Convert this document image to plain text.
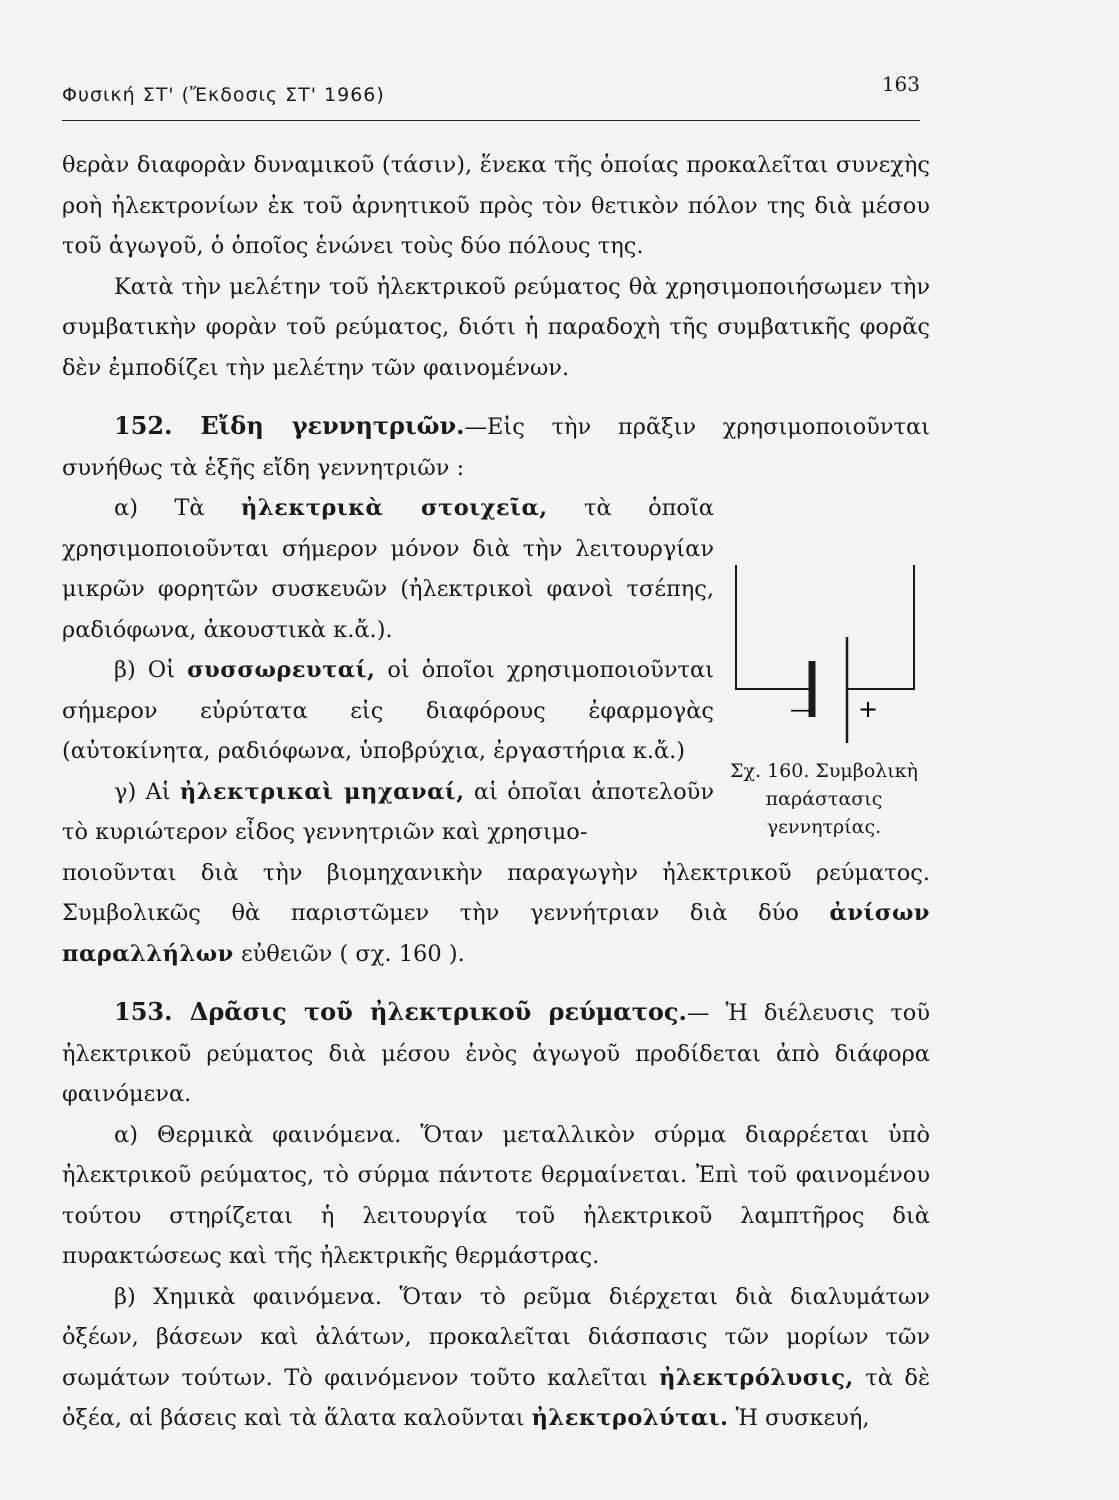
Φυσική ΣΤ' (Ἔκδοσις ΣΤ' 1966)	163

θερὰν διαφορὰν δυναμικοῦ (τάσιν), ἕνεκα τῆς ὁποίας προκαλεῖται συνεχὴς ροὴ ἠλεκτρονίων ἐκ τοῦ ἀρνητικοῦ πρὸς τὸν θετικὸν πόλον της διὰ μέσου τοῦ ἀγωγοῦ, ὁ ὁποῖος ἑνώνει τοὺς δύο πόλους της.

Κατὰ τὴν μελέτην τοῦ ἠλεκτρικοῦ ρεύματος θὰ χρησιμοποιήσωμεν τὴν συμβατικὴν φορὰν τοῦ ρεύματος, διότι ἡ παραδοχὴ τῆς συμβατικῆς φορᾶς δὲν ἐμποδίζει τὴν μελέτην τῶν φαινομένων.

152. Εἴδη γεννητριῶν.—Εἰς τὴν πρᾶξιν χρησιμοποιοῦνται συνήθως τὰ ἑξῆς εἴδη γεννητριῶν :

α) Τὰ ἠλεκτρικὰ στοιχεῖα, τὰ ὁποῖα χρησιμοποιοῦνται σήμερον μόνον διὰ τὴν λειτουργίαν μικρῶν φορητῶν συσκευῶν (ἠλεκτρικοὶ φανοὶ τσέπης, ραδιόφωνα, ἀκουστικὰ κ.ἄ.).

β) Οἱ συσσωρευταί, οἱ ὁποῖοι χρησιμοποιοῦνται σήμερον εὐρύτατα εἰς διαφόρους ἐφαρμογὰς (αὐτοκίνητα, ραδιόφωνα, ὑποβρύχια, ἐργαστήρια κ.ἄ.)

γ) Αἱ ἠλεκτρικαὶ μηχαναί, αἱ ὁποῖαι ἀποτελοῦν τὸ κυριώτερον εἶδος γεννητριῶν καὶ χρησιμο-

ποιοῦνται διὰ τὴν βιομηχανικὴν παραγωγὴν ἠλεκτρικοῦ ρεύματος. Συμβολικῶς θὰ παριστῶμεν τὴν γεννήτριαν διὰ δύο ἀνίσων παραλλήλων εὐθειῶν ( σχ. 160 ).

153. Δρᾶσις τοῦ ἠλεκτρικοῦ ρεύματος.— Ἡ διέλευσις τοῦ ἠλεκτρικοῦ ρεύματος διὰ μέσου ἑνὸς ἀγωγοῦ προδίδεται ἀπὸ διάφορα φαινόμενα.

α) Θερμικὰ φαινόμενα. Ὅταν μεταλλικὸν σύρμα διαρρέεται ὑπὸ ἠλεκτρικοῦ ρεύματος, τὸ σύρμα πάντοτε θερμαίνεται. Ἐπὶ τοῦ φαινομένου τούτου στηρίζεται ἡ λειτουργία τοῦ ἠλεκτρικοῦ λαμπτῆρος διὰ πυρακτώσεως καὶ τῆς ἠλεκτρικῆς θερμάστρας.

β) Χημικὰ φαινόμενα. Ὅταν τὸ ρεῦμα διέρχεται διὰ διαλυμάτων ὀξέων, βάσεων καὶ ἀλάτων, προκαλεῖται διάσπασις τῶν μορίων τῶν σωμάτων τούτων. Τὸ φαινόμενον τοῦτο καλεῖται ἠλεκτρόλυσις, τὰ δὲ ὀξέα, αἱ βάσεις καὶ τὰ ἅλατα καλοῦνται ἠλεκτρολύται. Ἡ συσκευή,

— +
Σχ. 160. Συμβολικὴ παράστασις γεννητρίας.
